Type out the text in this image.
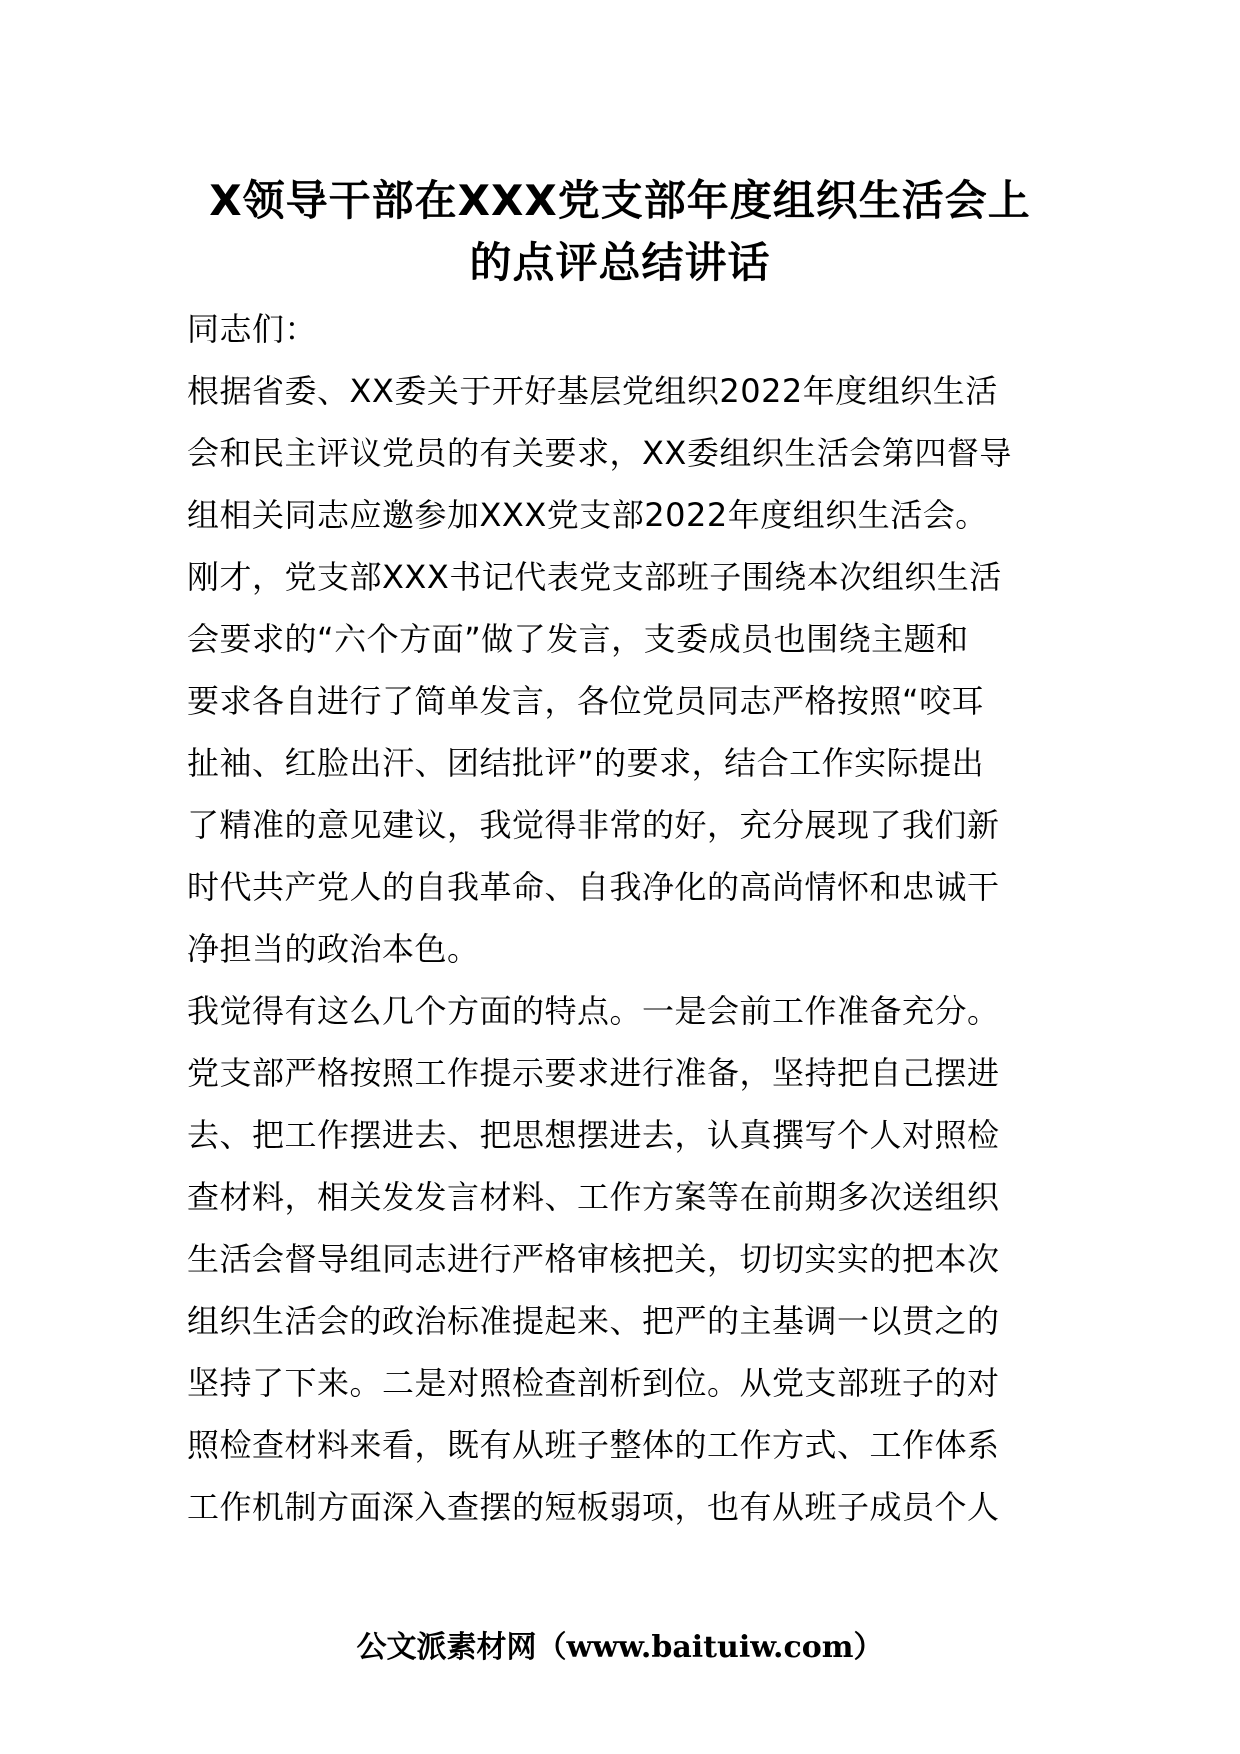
X领导干部在XXX党支部年度组织生活会上
的点评总结讲话
同志们：
根据省委、XX委关于开好基层党组织2022年度组织生活
会和民主评议党员的有关要求，XX委组织生活会第四督导
组相关同志应邀参加XXX党支部2022年度组织生活会。
刚才，党支部XXX书记代表党支部班子围绕本次组织生活
会要求的“六个方面”做了发言，支委成员也围绕主题和
要求各自进行了简单发言，各位党员同志严格按照“咬耳
扯袖、红脸出汗、团结批评”的要求，结合工作实际提出
了精准的意见建议，我觉得非常的好，充分展现了我们新
时代共产党人的自我革命、自我净化的高尚情怀和忠诚干
净担当的政治本色。
我觉得有这么几个方面的特点。一是会前工作准备充分。
党支部严格按照工作提示要求进行准备，坚持把自己摆进
去、把工作摆进去、把思想摆进去，认真撰写个人对照检
查材料，相关发发言材料、工作方案等在前期多次送组织
生活会督导组同志进行严格审核把关，切切实实的把本次
组织生活会的政治标准提起来、把严的主基调一以贯之的
坚持了下来。二是对照检查剖析到位。从党支部班子的对
照检查材料来看，既有从班子整体的工作方式、工作体系
工作机制方面深入查摆的短板弱项，也有从班子成员个人
公文派素材网（www.baituiw.com）
